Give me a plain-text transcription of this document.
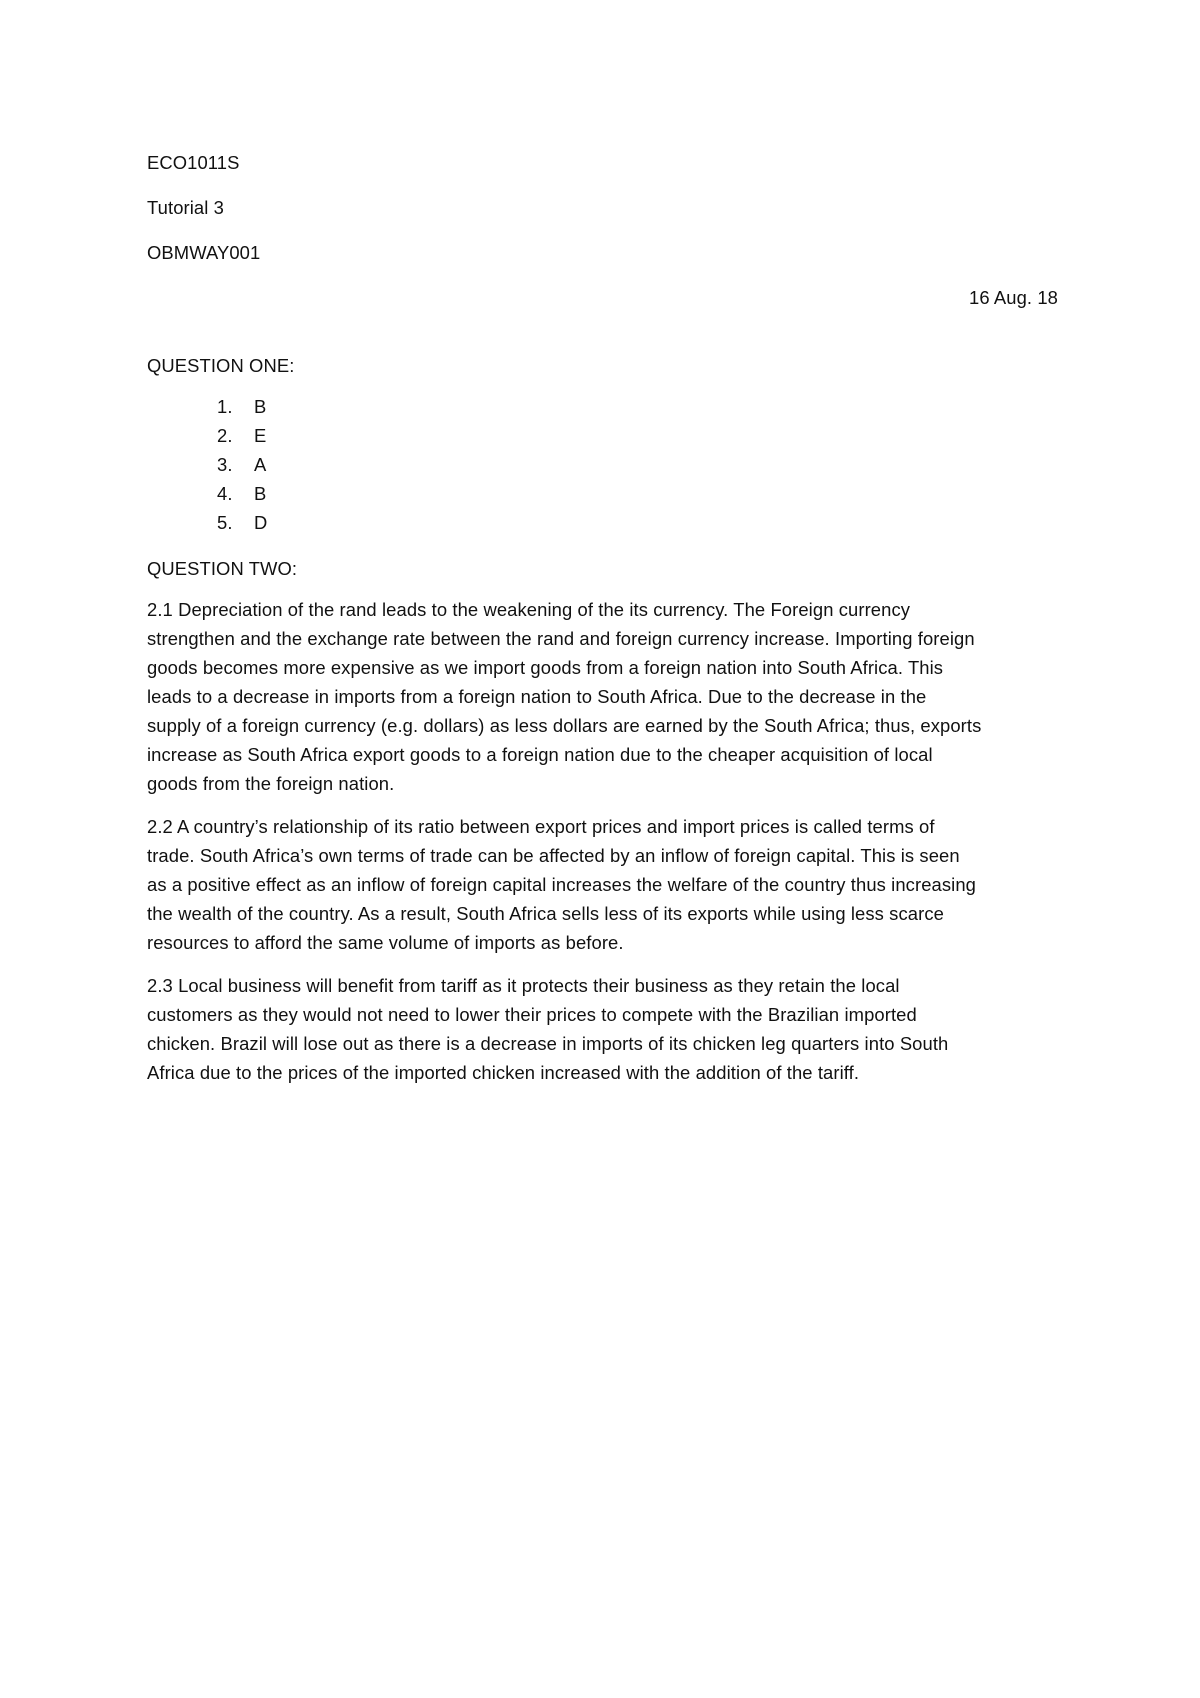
ECO1011S

Tutorial 3

OBMWAY001

16 Aug. 18

QUESTION ONE:

1.	B
2.	E
3.	A
4.	B
5.	D

QUESTION TWO:

2.1 Depreciation of the rand leads to the weakening of the its currency. The Foreign currency

strengthen and the exchange rate between the rand and foreign currency increase. Importing foreign

goods becomes more expensive as we import goods from a foreign nation into South Africa. This

leads to a decrease in imports from a foreign nation to South Africa. Due to the decrease in the

supply of a foreign currency (e.g. dollars) as less dollars are earned by the South Africa; thus, exports

increase as South Africa export goods to a foreign nation due to the cheaper acquisition of local

goods from the foreign nation.

2.2 A country’s relationship of its ratio between export prices and import prices is called terms of

trade. South Africa’s own terms of trade can be affected by an inflow of foreign capital. This is seen

as a positive effect as an inflow of foreign capital increases the welfare of the country thus increasing

the wealth of the country. As a result, South Africa sells less of its exports while using less scarce

resources to afford the same volume of imports as before.

2.3 Local business will benefit from tariff as it protects their business as they retain the local

customers as they would not need to lower their prices to compete with the Brazilian imported

chicken. Brazil will lose out as there is a decrease in imports of its chicken leg quarters into South

Africa due to the prices of the imported chicken increased with the addition of the tariff.
